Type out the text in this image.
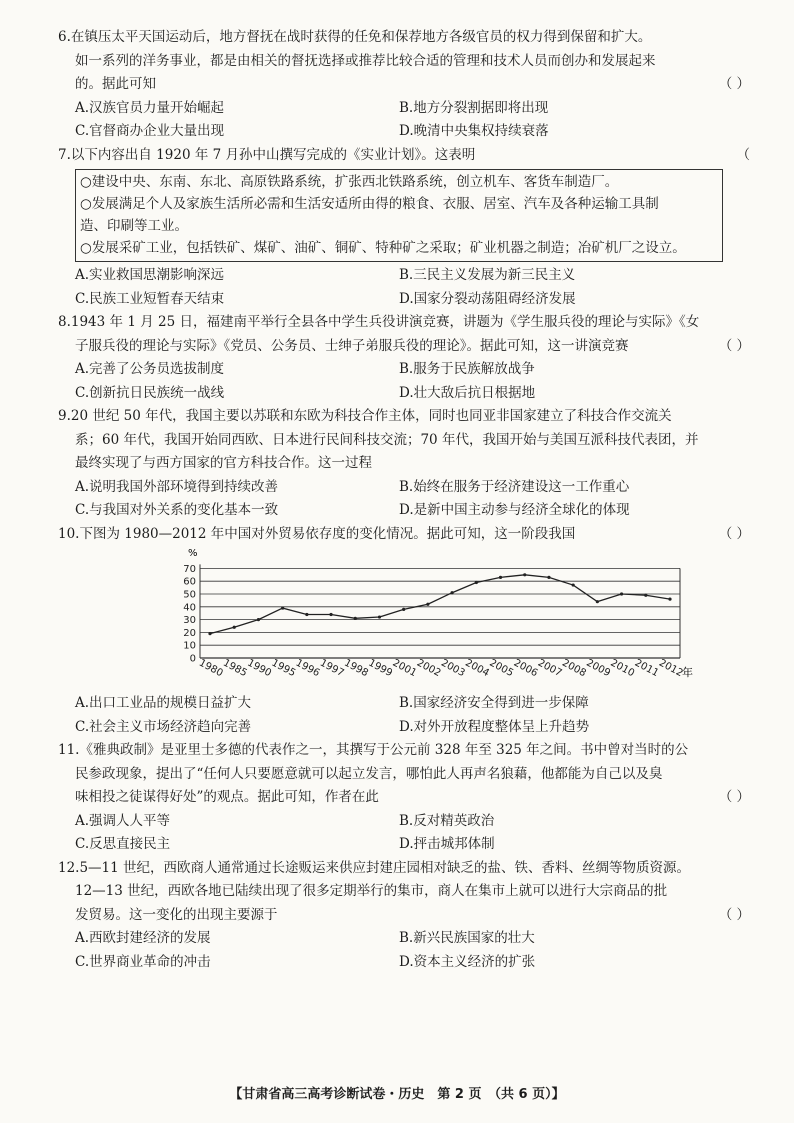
6.在镇压太平天国运动后，地方督抚在战时获得的任免和保荐地方各级官员的权力得到保留和扩大。
如一系列的洋务事业，都是由相关的督抚选择或推荐比较合适的管理和技术人员而创办和发展起来
的。据此可知	（ ）
A.汉族官员力量开始崛起	B.地方分裂割据即将出现
C.官督商办企业大量出现	D.晚清中央集权持续衰落
7.以下内容出自 1920 年 7 月孙中山撰写完成的《实业计划》。这表明	（
○建设中央、东南、东北、高原铁路系统，扩张西北铁路系统，创立机车、客货车制造厂。
○发展满足个人及家族生活所必需和生活安适所由得的粮食、衣服、居室、汽车及各种运输工具制
造、印刷等工业。
○发展采矿工业，包括铁矿、煤矿、油矿、铜矿、特种矿之采取；矿业机器之制造；冶矿机厂之设立。
A.实业救国思潮影响深远	B.三民主义发展为新三民主义
C.民族工业短暂春天结束	D.国家分裂动荡阻碍经济发展
8.1943 年 1 月 25 日，福建南平举行全县各中学生兵役讲演竞赛，讲题为《学生服兵役的理论与实际》《女
子服兵役的理论与实际》《党员、公务员、士绅子弟服兵役的理论》。据此可知，这一讲演竞赛	（ ）
A.完善了公务员选拔制度	B.服务于民族解放战争
C.创新抗日民族统一战线	D.壮大敌后抗日根据地
9.20 世纪 50 年代，我国主要以苏联和东欧为科技合作主体，同时也同亚非国家建立了科技合作交流关
系；60 年代，我国开始同西欧、日本进行民间科技交流；70 年代，我国开始与美国互派科技代表团，并
最终实现了与西方国家的官方科技合作。这一过程
A.说明我国外部环境得到持续改善	B.始终在服务于经济建设这一工作重心
C.与我国对外关系的变化基本一致	D.是新中国主动参与经济全球化的体现
10.下图为 1980—2012 年中国对外贸易依存度的变化情况。据此可知，这一阶段我国	（ ）
0
10
20
30
40
50
60
70
1980
1985
1990
1995
1996
1997
1998
1999
2001
2002
2003
2004
2005
2006
2007
2008
2009
2010
2011
2012
%
年
A.出口工业品的规模日益扩大	B.国家经济安全得到进一步保障
C.社会主义市场经济趋向完善	D.对外开放程度整体呈上升趋势
11.《雅典政制》是亚里士多德的代表作之一，其撰写于公元前 328 年至 325 年之间。书中曾对当时的公
民参政现象，提出了“任何人只要愿意就可以起立发言，哪怕此人再声名狼藉，他都能为自己以及臭
味相投之徒谋得好处”的观点。据此可知，作者在此	（ ）
A.强调人人平等	B.反对精英政治
C.反思直接民主	D.抨击城邦体制
12.5—11 世纪，西欧商人通常通过长途贩运来供应封建庄园相对缺乏的盐、铁、香料、丝绸等物质资源。
12—13 世纪，西欧各地已陆续出现了很多定期举行的集市，商人在集市上就可以进行大宗商品的批
发贸易。这一变化的出现主要源于	（ ）
A.西欧封建经济的发展	B.新兴民族国家的壮大
C.世界商业革命的冲击	D.资本主义经济的扩张
【甘肃省高三高考诊断试卷・历史　第 2 页　（共 6 页）】
